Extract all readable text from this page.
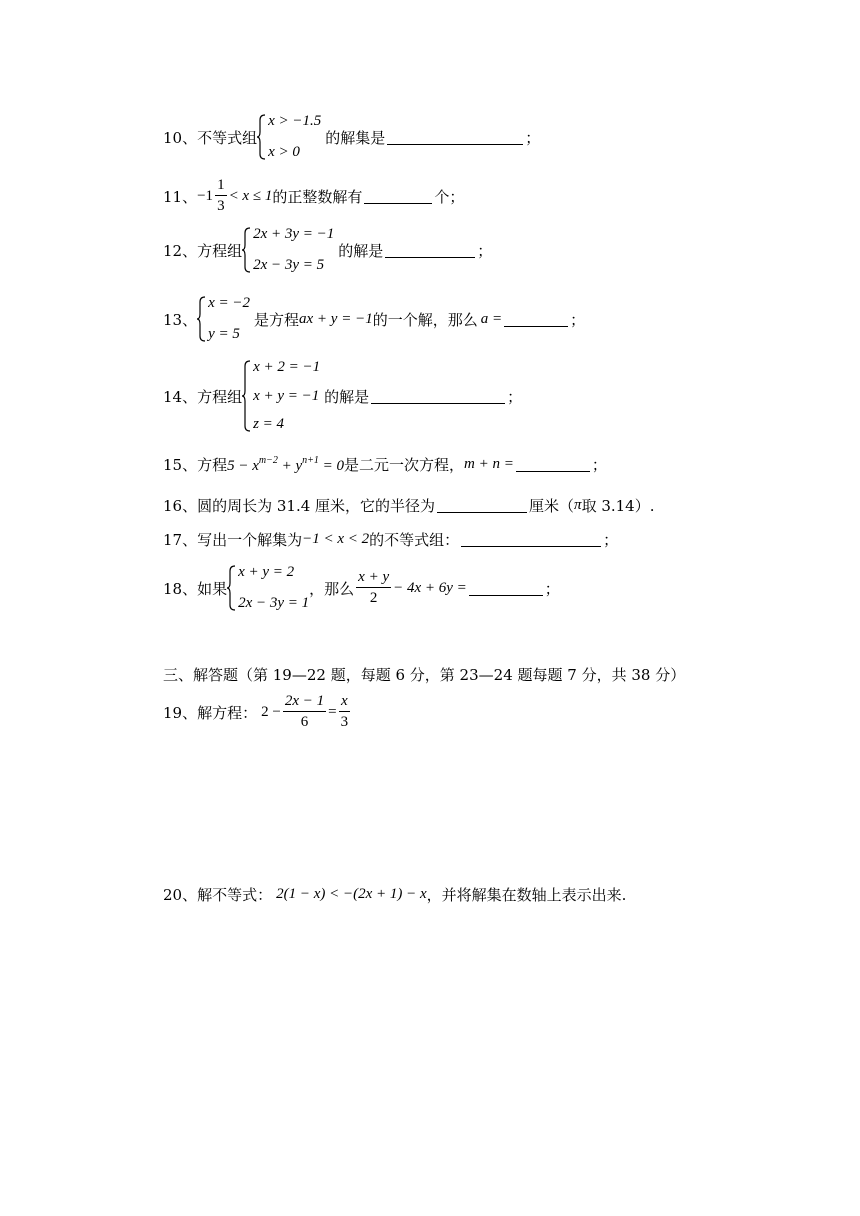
10、不等式组
x > −1.5
x > 0
的解集是	；
11、 $-1 \frac{1}{3} < x \le 1$ 的正整数解有	个；
12、方程组
2x + 3y = −1
2x − 3y = 5
的解是	；
13、
x = −2
y = 5
是方程 ax + y = −1 的一个解，那么 a =	；
14、方程组
x + 2 = −1
x + y = −1
z = 4
的解是	；
15、方程 $5 - x^{m-2} + y^{n+1} = 0$ 是二元一次方程， m + n =	；
16、圆的周长为 31.4 厘米，它的半径为	厘米（ π 取 3.14）.
17、写出一个解集为 −1 < x < 2 的不等式组：	；
18、如果
x + y = 2
2x − 3y = 1
，那么 $\frac{x + y}{2} - 4x + 6y$ =	；
三、解答题（第 19—22 题，每题 6 分，第 23—24 题每题 7 分，共 38 分）
19、解方程： $2 - \frac{2x - 1}{6} = \frac{x}{3}$
20、解不等式： 2(1 − x) < −(2x + 1) − x ，并将解集在数轴上表示出来.
